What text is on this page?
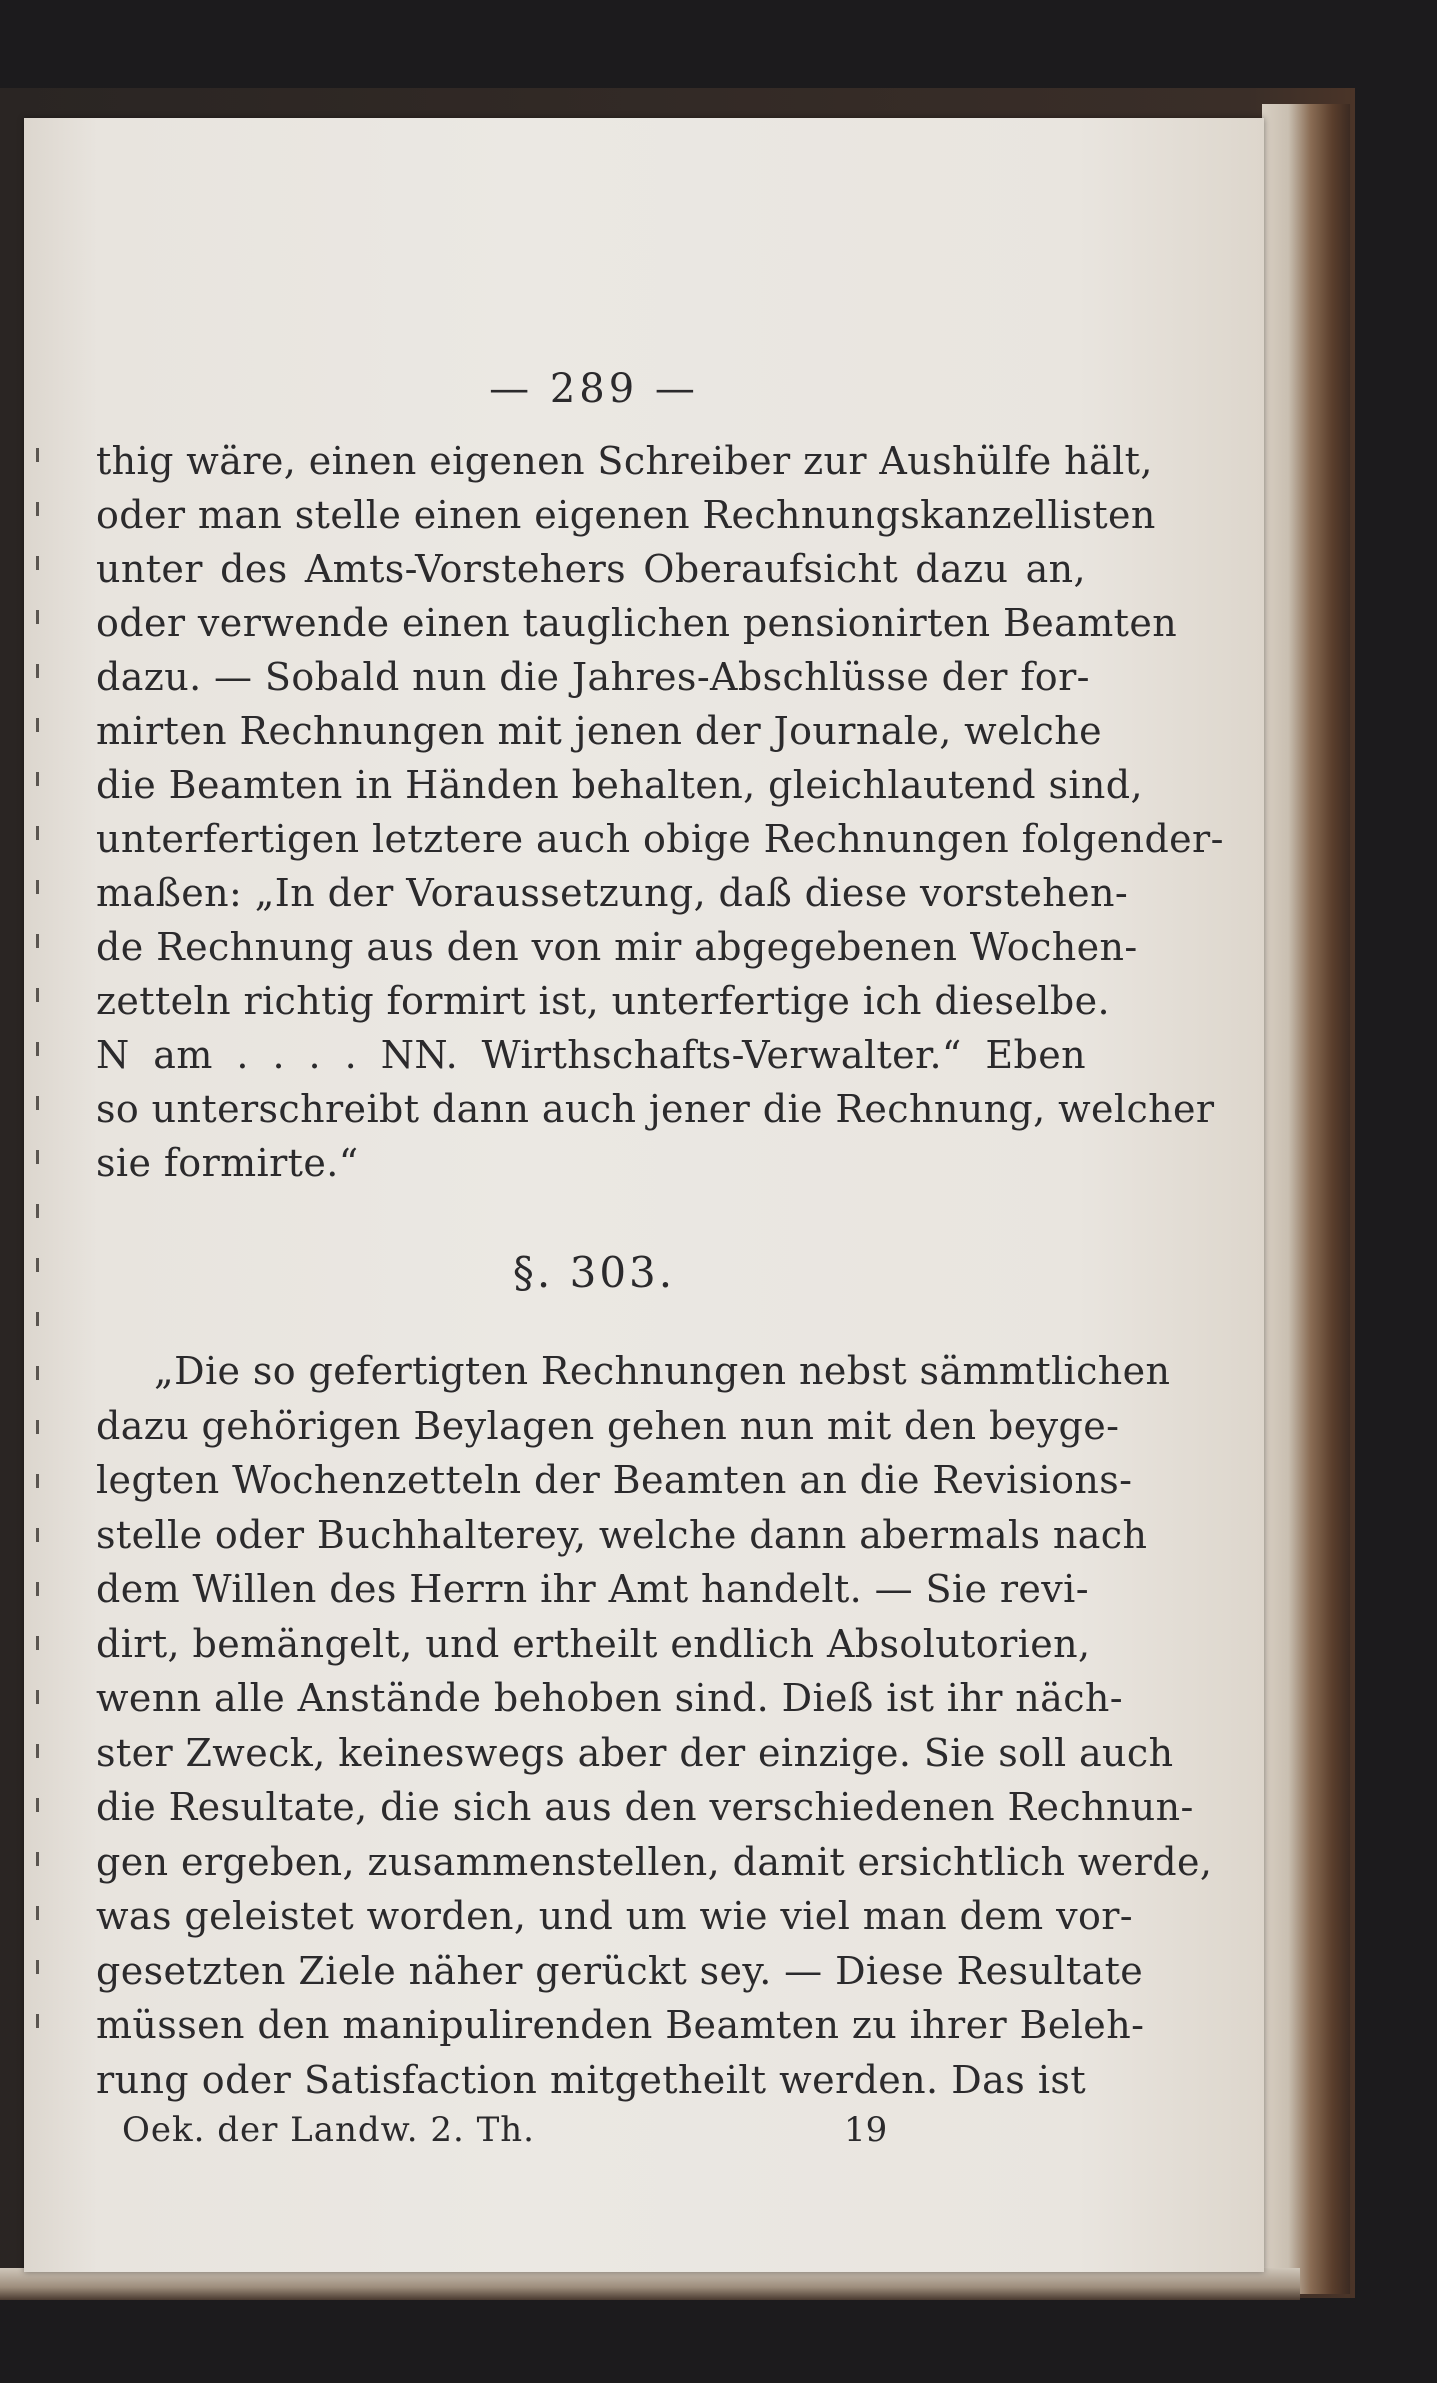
— 289 —
thig wäre, einen eigenen Schreiber zur Aushülfe hält,
oder man stelle einen eigenen Rechnungskanzellisten
unter des Amts-Vorstehers Oberaufsicht dazu an,
oder verwende einen tauglichen pensionirten Beamten
dazu. — Sobald nun die Jahres-Abschlüsse der for-
mirten Rechnungen mit jenen der Journale, welche
die Beamten in Händen behalten, gleichlautend sind,
unterfertigen letztere auch obige Rechnungen folgender-
maßen: „In der Voraussetzung, daß diese vorstehen-
de Rechnung aus den von mir abgegebenen Wochen-
zetteln richtig formirt ist, unterfertige ich dieselbe.
N am . . . . NN. Wirthschafts-Verwalter.“ Eben
so unterschreibt dann auch jener die Rechnung, welcher
sie formirte.“
§. 303.
„Die so gefertigten Rechnungen nebst sämmtlichen
dazu gehörigen Beylagen gehen nun mit den beyge-
legten Wochenzetteln der Beamten an die Revisions-
stelle oder Buchhalterey, welche dann abermals nach
dem Willen des Herrn ihr Amt handelt. — Sie revi-
dirt, bemängelt, und ertheilt endlich Absolutorien,
wenn alle Anstände behoben sind. Dieß ist ihr näch-
ster Zweck, keineswegs aber der einzige. Sie soll auch
die Resultate, die sich aus den verschiedenen Rechnun-
gen ergeben, zusammenstellen, damit ersichtlich werde,
was geleistet worden, und um wie viel man dem vor-
gesetzten Ziele näher gerückt sey. — Diese Resultate
müssen den manipulirenden Beamten zu ihrer Beleh-
rung oder Satisfaction mitgetheilt werden. Das ist
Oek. der Landw. 2. Th.	19
